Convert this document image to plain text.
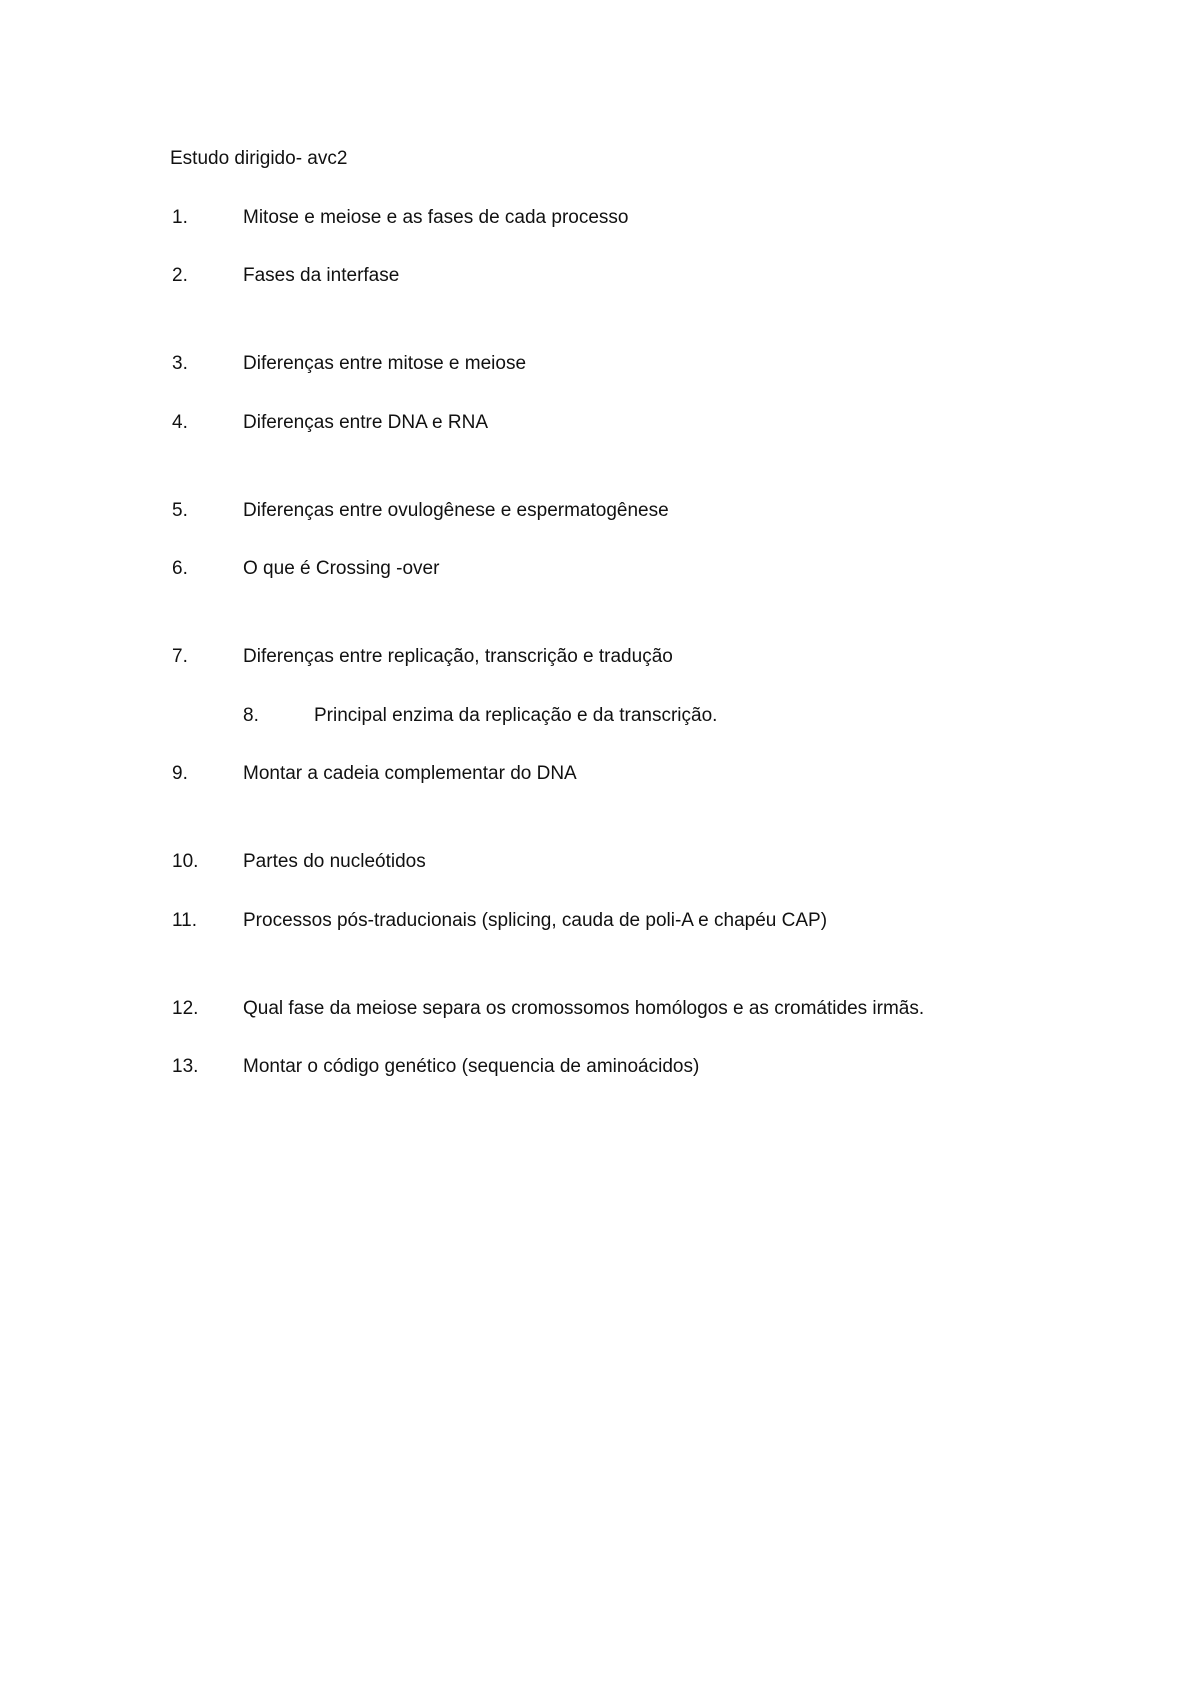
Estudo dirigido- avc2
1.	Mitose e meiose e as fases de cada processo
2.	Fases da interfase
3.	Diferenças entre mitose e meiose
4.	Diferenças entre DNA e RNA
5.	Diferenças entre ovulogênese e espermatogênese
6.	O que é Crossing -over
7.	Diferenças entre replicação, transcrição e tradução
8.	Principal enzima da replicação e da transcrição.
9.	Montar a cadeia complementar do DNA
10. Partes do nucleótidos
11. Processos pós-traducionais (splicing, cauda de poli-A e chapéu CAP)
12. Qual fase da meiose separa os cromossomos homólogos e as cromátides irmãs.
13. Montar o código genético (sequencia de aminoácidos)
